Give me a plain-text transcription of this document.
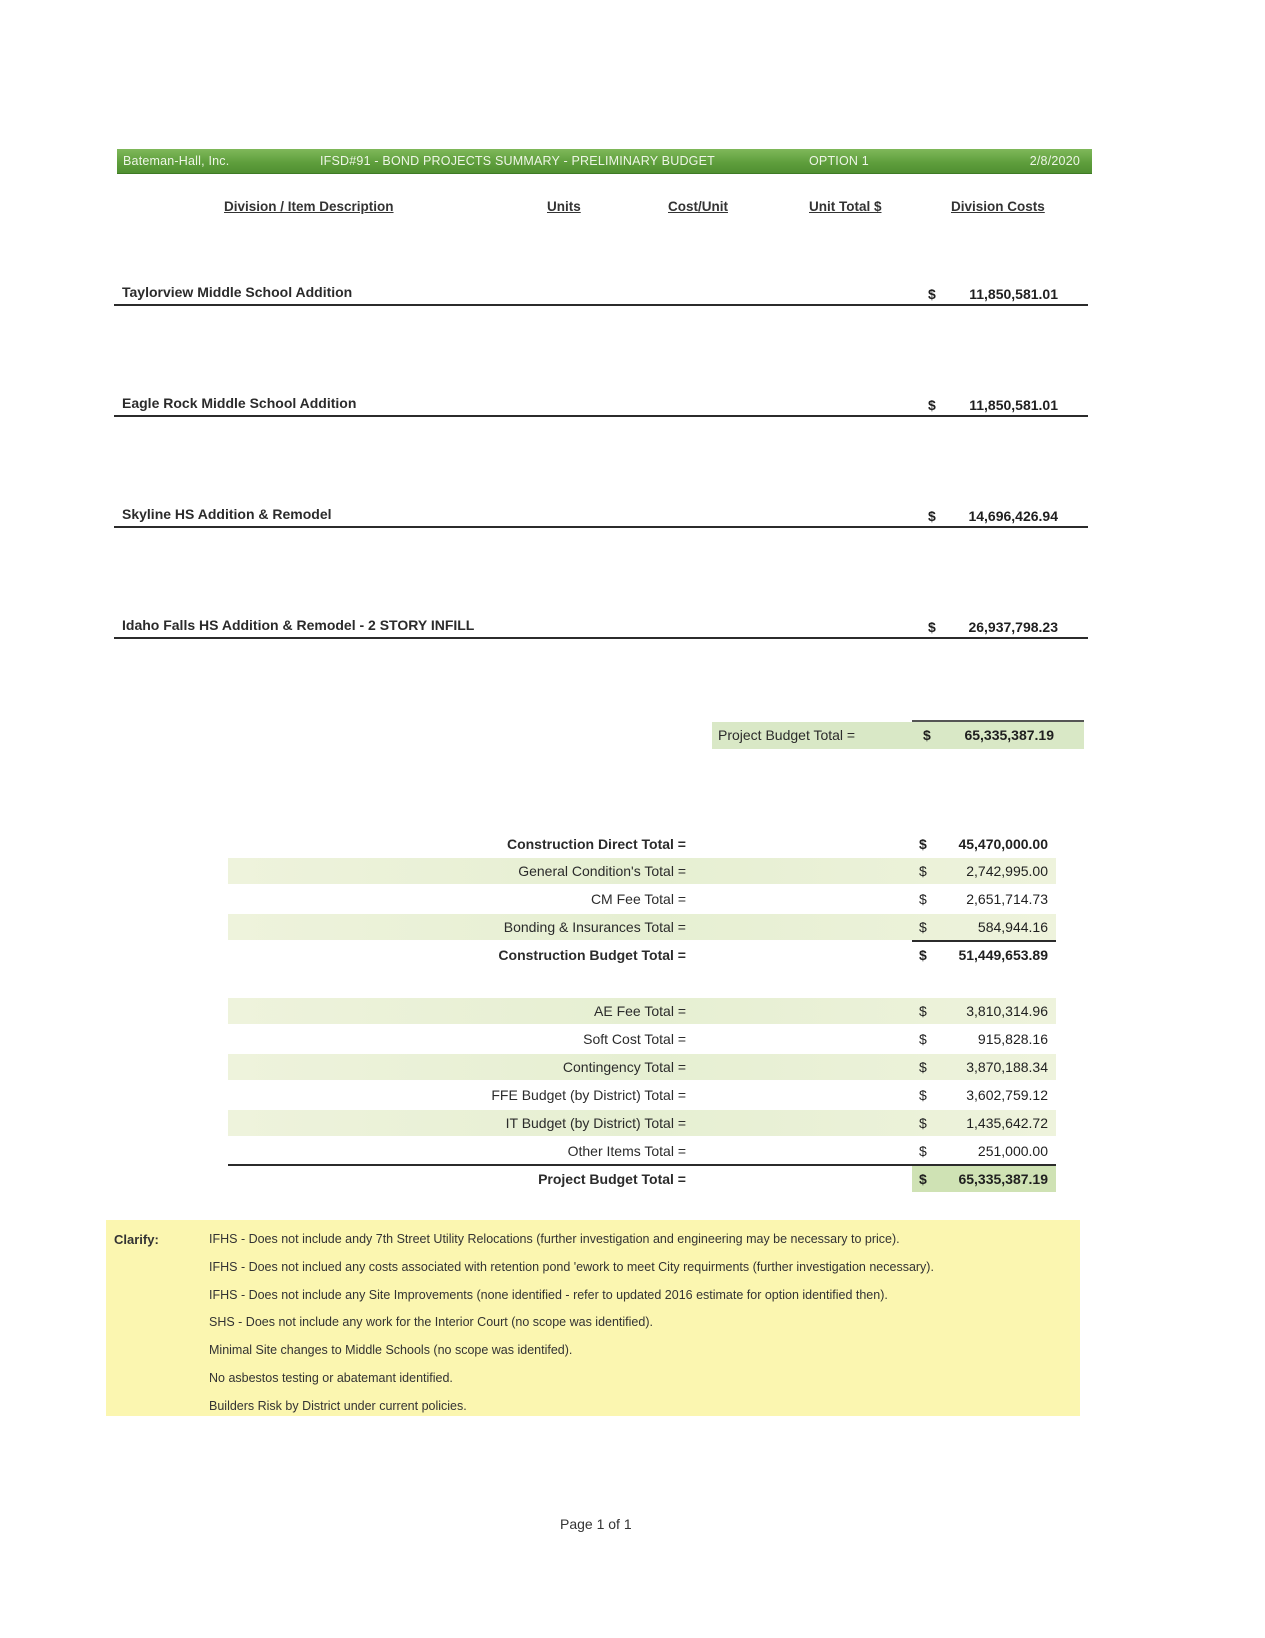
Bateman-Hall, Inc.	IFSD#91 - BOND PROJECTS SUMMARY - PRELIMINARY BUDGET	OPTION 1	2/8/2020
Division / Item Description	Units	Cost/Unit	Unit Total $	Division Costs
Taylorview Middle School Addition	$ 11,850,581.01
Eagle Rock Middle School Addition	$ 11,850,581.01
Skyline HS Addition & Remodel	$ 14,696,426.94
Idaho Falls HS Addition & Remodel - 2 STORY INFILL	$ 26,937,798.23
Project Budget Total =	$ 65,335,387.19
Construction Direct Total =	$ 45,470,000.00
General Condition's Total =	$	2,742,995.00
CM Fee Total =	$	2,651,714.73
Bonding & Insurances Total =	$	584,944.16
Construction Budget Total =	$ 51,449,653.89
AE Fee Total =	$	3,810,314.96
Soft Cost Total =	$	915,828.16
Contingency Total =	$	3,870,188.34
FFE Budget (by District) Total =	$	3,602,759.12
IT Budget (by District) Total =	$	1,435,642.72
Other Items Total =	$	251,000.00
Project Budget Total =	$ 65,335,387.19
Clarify:	IFHS - Does not include andy 7th Street Utility Relocations (further investigation and engineering may be necessary to price).
IFHS - Does not inclued any costs associated with retention pond 'ework to meet City requirments (further investigation necessary).
IFHS - Does not include any Site Improvements (none identified - refer to updated 2016 estimate for option identified then).
SHS - Does not include any work for the Interior Court (no scope was identified).
Minimal Site changes to Middle Schools (no scope was identifed).
No asbestos testing or abatemant identified.
Builders Risk by District under current policies.
Page 1 of 1
